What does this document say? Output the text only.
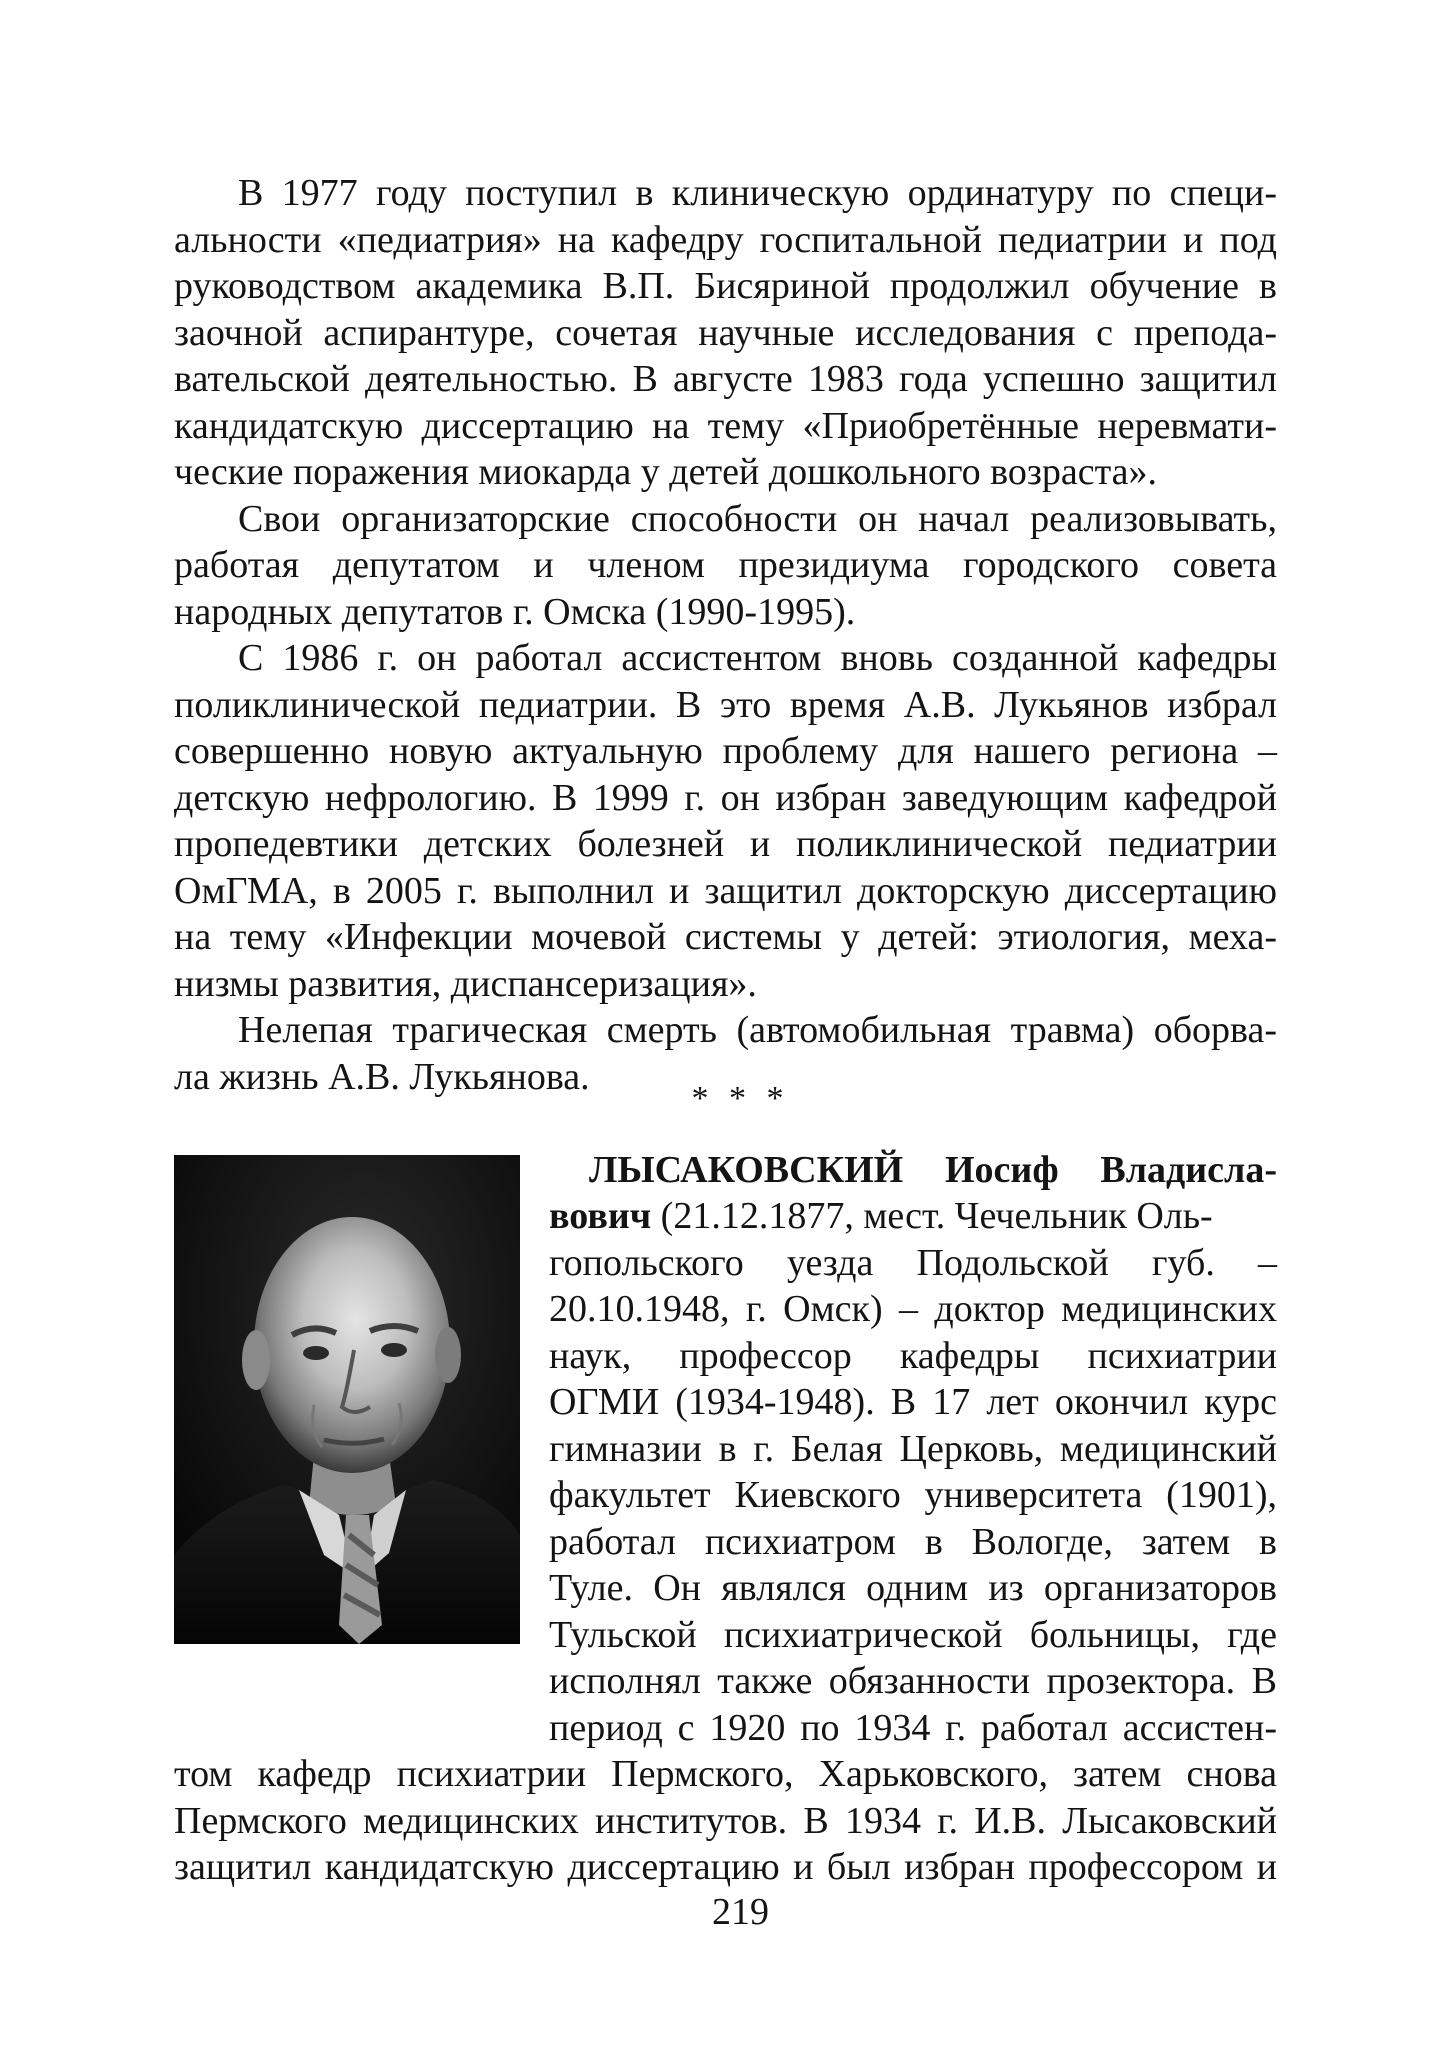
В 1977 году поступил в клиническую ординатуру по специ-
альности «педиатрия» на кафедру госпитальной педиатрии и под
руководством академика В.П. Бисяриной продолжил обучение в
заочной аспирантуре, сочетая научные исследования с препода-
вательской деятельностью. В августе 1983 года успешно защитил
кандидатскую диссертацию на тему «Приобретённые неревмати-
ческие поражения миокарда у детей дошкольного возраста».
Свои организаторские способности он начал реализовывать,
работая депутатом и членом президиума городского совета
народных депутатов г. Омска (1990-1995).
С 1986 г. он работал ассистентом вновь созданной кафедры
поликлинической педиатрии. В это время А.В. Лукьянов избрал
совершенно новую актуальную проблему для нашего региона –
детскую нефрологию. В 1999 г. он избран заведующим кафедрой
пропедевтики детских болезней и поликлинической педиатрии
ОмГМА, в 2005 г. выполнил и защитил докторскую диссертацию
на тему «Инфекции мочевой системы у детей: этиология, меха-
низмы развития, диспансеризация».
Нелепая трагическая смерть (автомобильная травма) оборва-
ла жизнь А.В. Лукьянова.
* * *
ЛЫСАКОВСКИЙ Иосиф Владисла-
вович (21.12.1877, мест. Чечельник Оль-
гопольского уезда Подольской губ. –
20.10.1948, г. Омск) – доктор медицинских
наук, профессор кафедры психиатрии
ОГМИ (1934-1948). В 17 лет окончил курс
гимназии в г. Белая Церковь, медицинский
факультет Киевского университета (1901),
работал психиатром в Вологде, затем в
Туле. Он являлся одним из организаторов
Тульской психиатрической больницы, где
исполнял также обязанности прозектора. В
период с 1920 по 1934 г. работал ассистен-
том кафедр психиатрии Пермского, Харьковского, затем снова
Пермского медицинских институтов. В 1934 г. И.В. Лысаковский
защитил кандидатскую диссертацию и был избран профессором и
219
